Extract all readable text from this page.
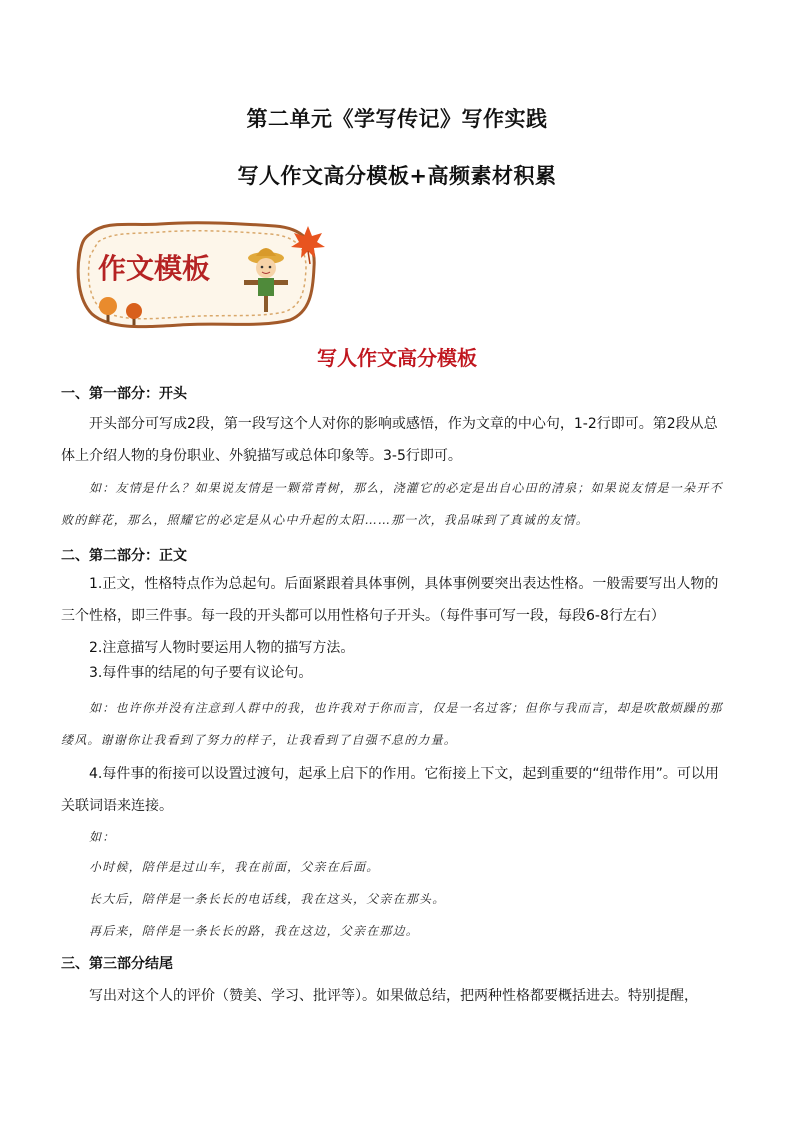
第二单元《学写传记》写作实践
写人作文高分模板+高频素材积累
作文模板
写人作文高分模板
一、第一部分：开头
开头部分可写成2段，第一段写这个人对你的影响或感悟，作为文章的中心句，1-2行即可。第2段从总体上介绍人物的身份职业、外貌描写或总体印象等。3-5行即可。
如：友情是什么？如果说友情是一颗常青树，那么，浇灌它的必定是出自心田的清泉；如果说友情是一朵开不败的鲜花，那么，照耀它的必定是从心中升起的太阳……那一次，我品味到了真诚的友情。
二、第二部分：正文
1.正文，性格特点作为总起句。后面紧跟着具体事例，具体事例要突出表达性格。一般需要写出人物的三个性格，即三件事。每一段的开头都可以用性格句子开头。（每件事可写一段，每段6-8行左右）
2.注意描写人物时要运用人物的描写方法。
3.每件事的结尾的句子要有议论句。
如：也许你并没有注意到人群中的我，也许我对于你而言，仅是一名过客；但你与我而言，却是吹散烦躁的那缕风。谢谢你让我看到了努力的样子，让我看到了自强不息的力量。
4.每件事的衔接可以设置过渡句，起承上启下的作用。它衔接上下文，起到重要的“纽带作用”。可以用关联词语来连接。
如：
小时候，陪伴是过山车，我在前面，父亲在后面。
长大后，陪伴是一条长长的电话线，我在这头，父亲在那头。
再后来，陪伴是一条长长的路，我在这边，父亲在那边。
三、第三部分结尾
写出对这个人的评价（赞美、学习、批评等）。如果做总结，把两种性格都要概括进去。特别提醒，
